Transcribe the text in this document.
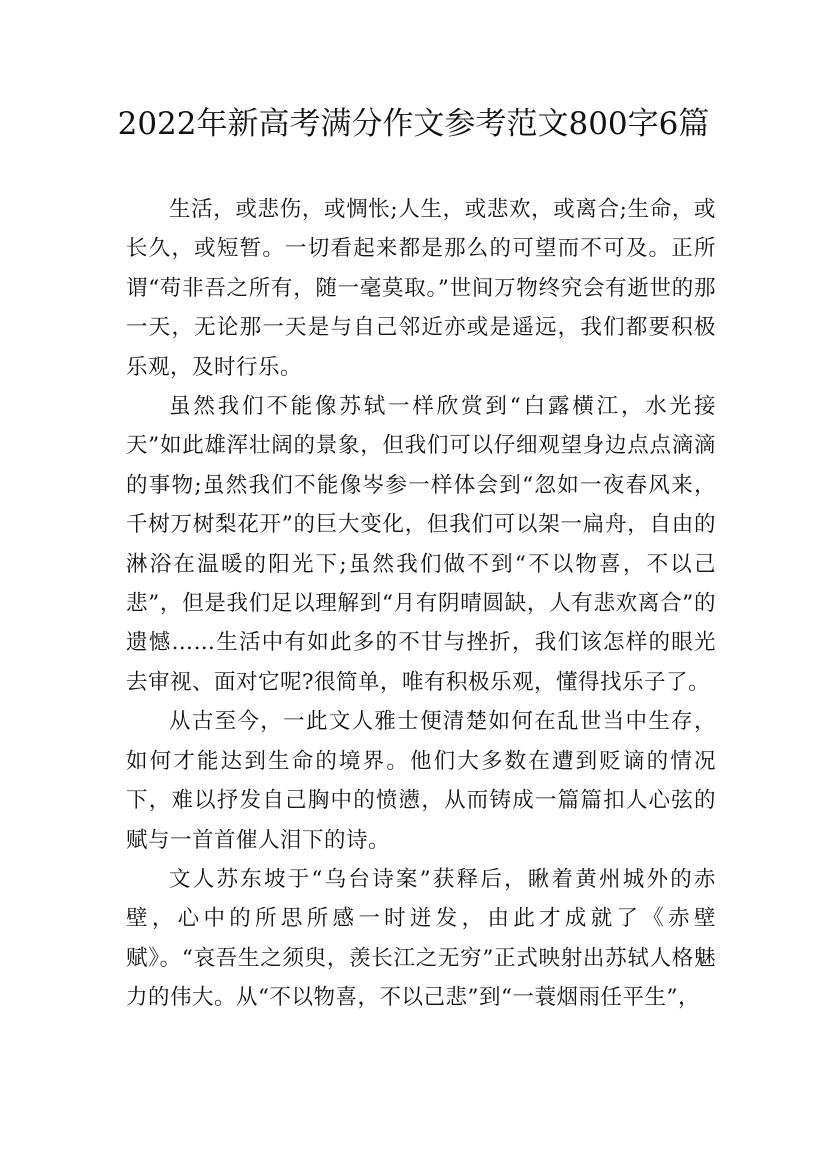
2022年新高考满分作文参考范文800字6篇

生活，或悲伤，或惆怅;人生，或悲欢，或离合;生命，或长久，或短暂。一切看起来都是那么的可望而不可及。正所谓“苟非吾之所有，随一毫莫取。”世间万物终究会有逝世的那一天，无论那一天是与自己邻近亦或是遥远，我们都要积极乐观，及时行乐。

虽然我们不能像苏轼一样欣赏到“白露横江，水光接天”如此雄浑壮阔的景象，但我们可以仔细观望身边点点滴滴的事物;虽然我们不能像岑参一样体会到“忽如一夜春风来，千树万树梨花开”的巨大变化，但我们可以架一扁舟，自由的淋浴在温暖的阳光下;虽然我们做不到“不以物喜，不以己悲”，但是我们足以理解到“月有阴晴圆缺，人有悲欢离合”的遗憾……生活中有如此多的不甘与挫折，我们该怎样的眼光去审视、面对它呢?很简单，唯有积极乐观，懂得找乐子了。

从古至今，一此文人雅士便清楚如何在乱世当中生存，如何才能达到生命的境界。他们大多数在遭到贬谪的情况下，难以抒发自己胸中的愤懑，从而铸成一篇篇扣人心弦的赋与一首首催人泪下的诗。

文人苏东坡于“乌台诗案”获释后，瞅着黄州城外的赤壁，心中的所思所感一时迸发，由此才成就了《赤壁赋》。“哀吾生之须臾，羡长江之无穷”正式映射出苏轼人格魅力的伟大。从“不以物喜，不以己悲”到“一蓑烟雨任平生”，
